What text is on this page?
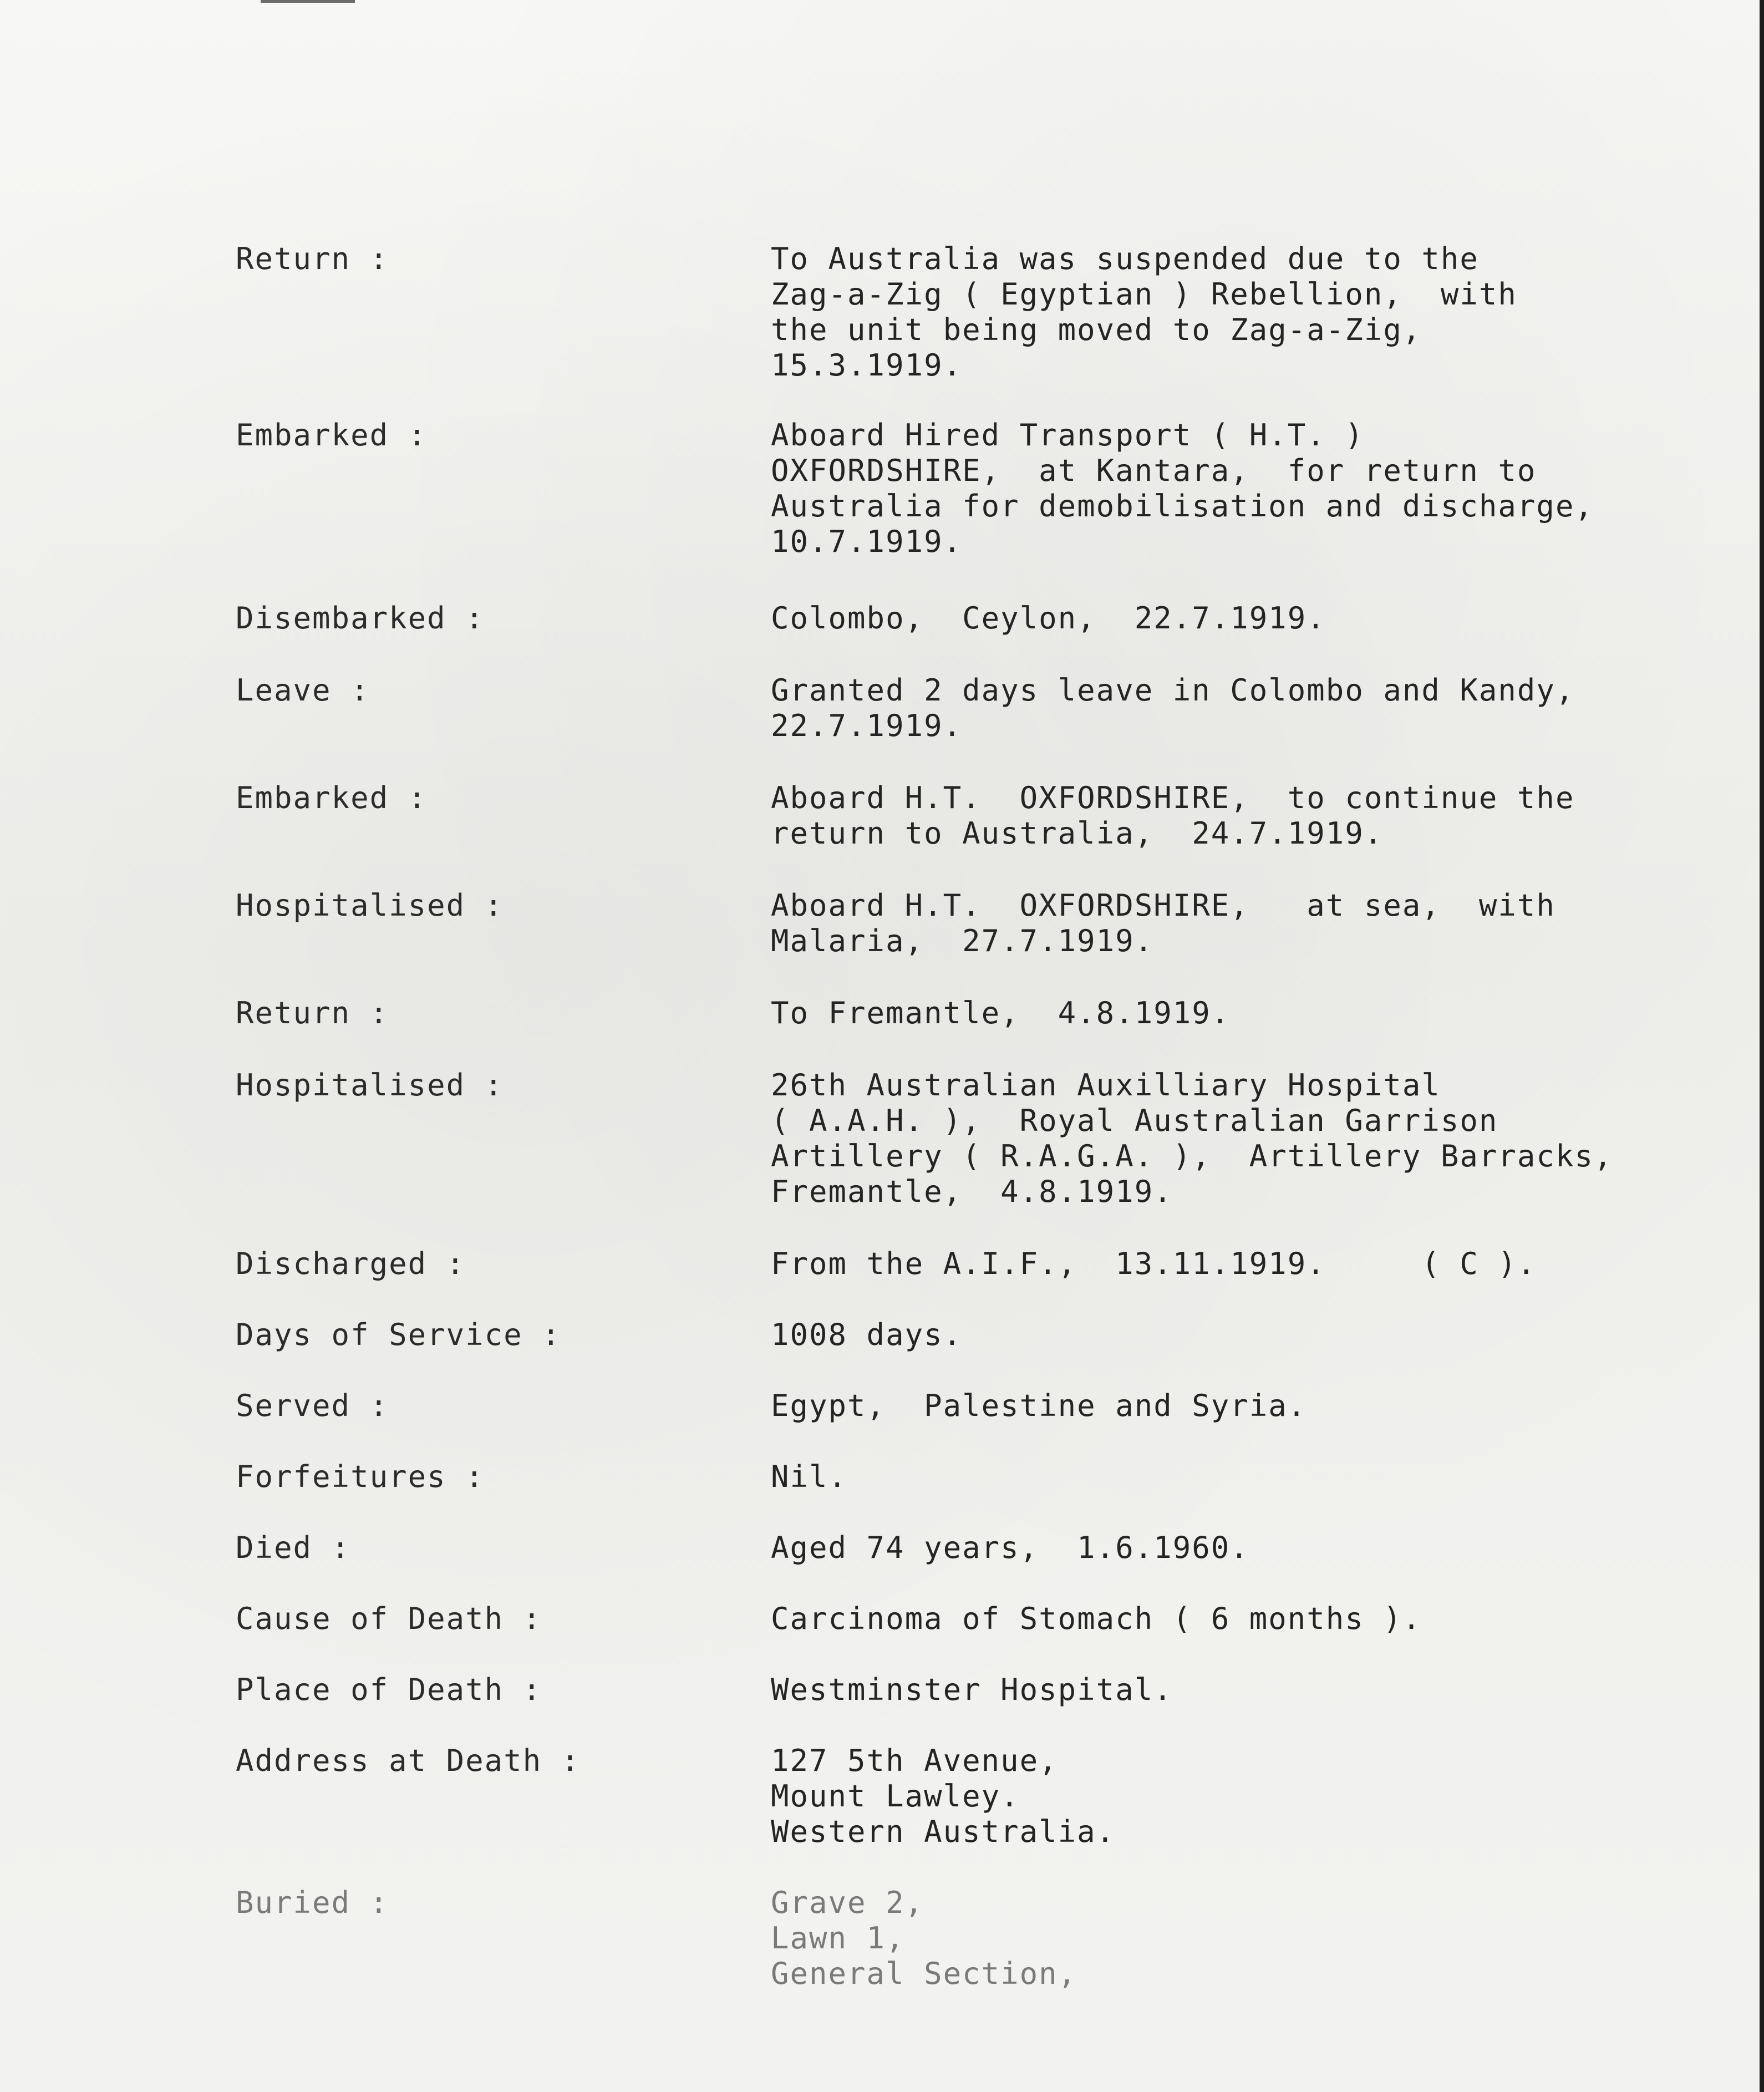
Return :	To Australia was suspended due to the
Zag-a-Zig ( Egyptian ) Rebellion,  with
the unit being moved to Zag-a-Zig,
15.3.1919.
Embarked :	Aboard Hired Transport ( H.T. )
OXFORDSHIRE,  at Kantara,  for return to
Australia for demobilisation and discharge,
10.7.1919.
Disembarked :	Colombo,  Ceylon,  22.7.1919.
Leave :	Granted 2 days leave in Colombo and Kandy,
22.7.1919.
Embarked :	Aboard H.T.  OXFORDSHIRE,  to continue the
return to Australia,  24.7.1919.
Hospitalised :	Aboard H.T.  OXFORDSHIRE,   at sea,  with
Malaria,  27.7.1919.
Return :	To Fremantle,  4.8.1919.
Hospitalised :	26th Australian Auxilliary Hospital
( A.A.H. ),  Royal Australian Garrison
Artillery ( R.A.G.A. ),  Artillery Barracks,
Fremantle,  4.8.1919.
Discharged :	From the A.I.F.,  13.11.1919.     ( C ).
Days of Service :	1008 days.
Served :	Egypt,  Palestine and Syria.
Forfeitures :	Nil.
Died :	Aged 74 years,  1.6.1960.
Cause of Death :	Carcinoma of Stomach ( 6 months ).
Place of Death :	Westminster Hospital.
Address at Death :	127 5th Avenue,
Mount Lawley.
Western Australia.
Buried :	Grave 2,
Lawn 1,
General Section,
